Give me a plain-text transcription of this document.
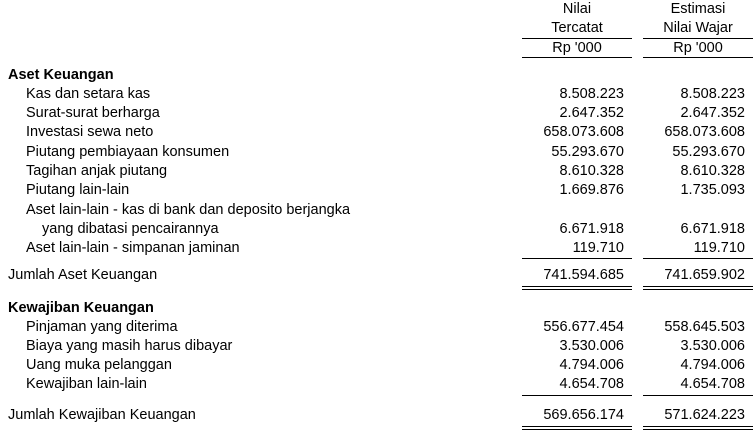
Nilai
Tercatat
Estimasi
Nilai Wajar
Rp '000	Rp '000
Aset Keuangan
Kas dan setara kas	8.508.223	8.508.223
Surat-surat berharga	2.647.352	2.647.352
Investasi sewa neto	658.073.608	658.073.608
Piutang pembiayaan konsumen	55.293.670	55.293.670
Tagihan anjak piutang	8.610.328	8.610.328
Piutang lain-lain	1.669.876	1.735.093
Aset lain-lain - kas di bank dan deposito berjangka
yang dibatasi pencairannya	6.671.918	6.671.918
Aset lain-lain - simpanan jaminan	119.710	119.710
Jumlah Aset Keuangan	741.594.685	741.659.902
Kewajiban Keuangan
Pinjaman yang diterima	556.677.454	558.645.503
Biaya yang masih harus dibayar	3.530.006	3.530.006
Uang muka pelanggan	4.794.006	4.794.006
Kewajiban lain-lain	4.654.708	4.654.708
Jumlah Kewajiban Keuangan	569.656.174	571.624.223
